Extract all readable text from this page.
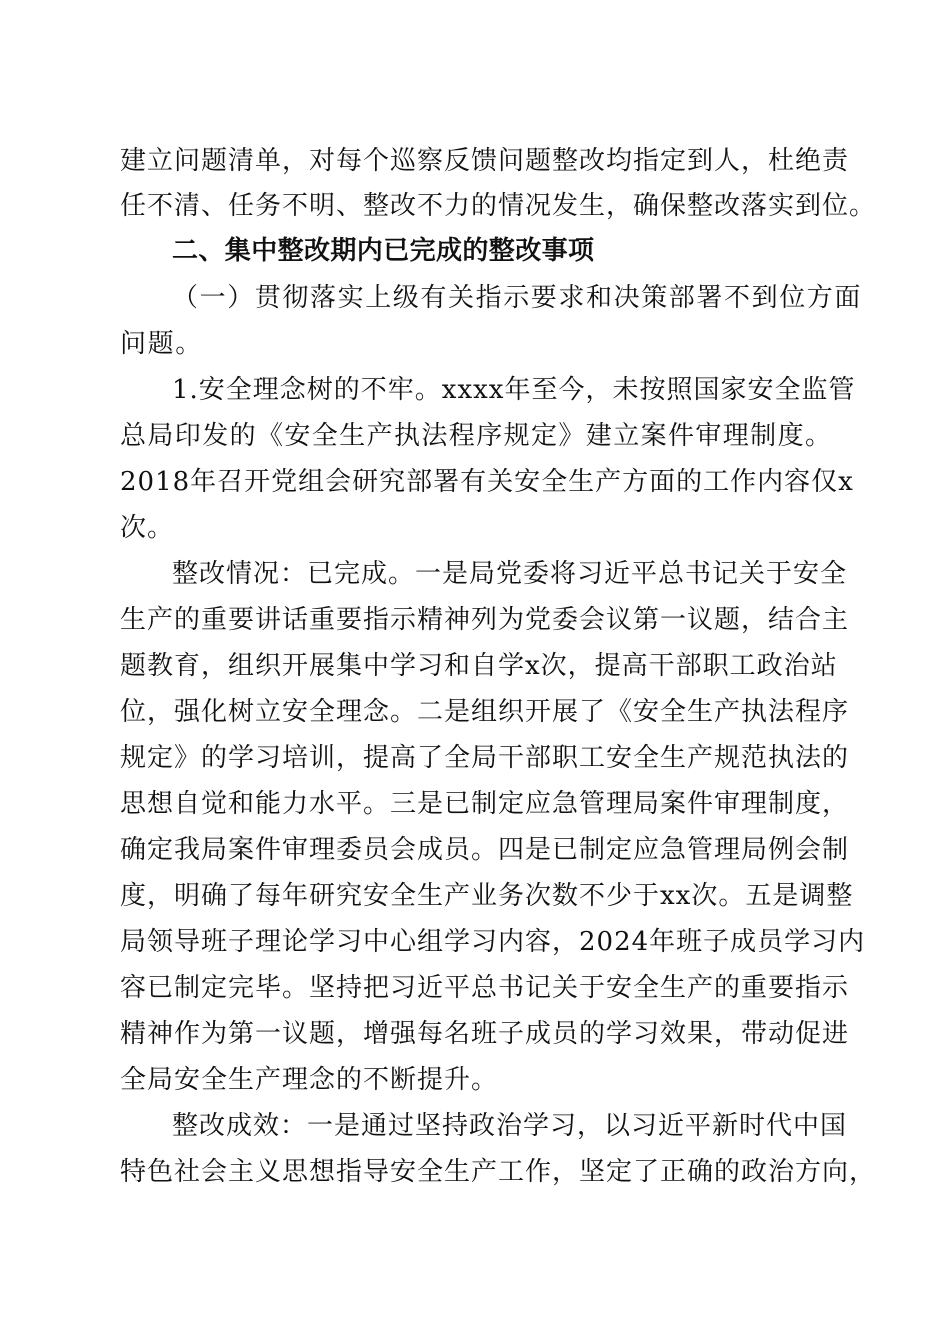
建立问题清单，对每个巡察反馈问题整改均指定到人，杜绝责
任不清、任务不明、整改不力的情况发生，确保整改落实到位。
二、集中整改期内已完成的整改事项
（一）贯彻落实上级有关指示要求和决策部署不到位方面
问题。
1.安全理念树的不牢。xxxx年至今，未按照国家安全监管
总局印发的《安全生产执法程序规定》建立案件审理制度。
2018年召开党组会研究部署有关安全生产方面的工作内容仅x
次。
整改情况：已完成。一是局党委将习近平总书记关于安全
生产的重要讲话重要指示精神列为党委会议第一议题，结合主
题教育，组织开展集中学习和自学x次，提高干部职工政治站
位，强化树立安全理念。二是组织开展了《安全生产执法程序
规定》的学习培训，提高了全局干部职工安全生产规范执法的
思想自觉和能力水平。三是已制定应急管理局案件审理制度，
确定我局案件审理委员会成员。四是已制定应急管理局例会制
度，明确了每年研究安全生产业务次数不少于xx次。五是调整
局领导班子理论学习中心组学习内容，2024年班子成员学习内
容已制定完毕。坚持把习近平总书记关于安全生产的重要指示
精神作为第一议题，增强每名班子成员的学习效果，带动促进
全局安全生产理念的不断提升。
整改成效：一是通过坚持政治学习，以习近平新时代中国
特色社会主义思想指导安全生产工作，坚定了正确的政治方向，
